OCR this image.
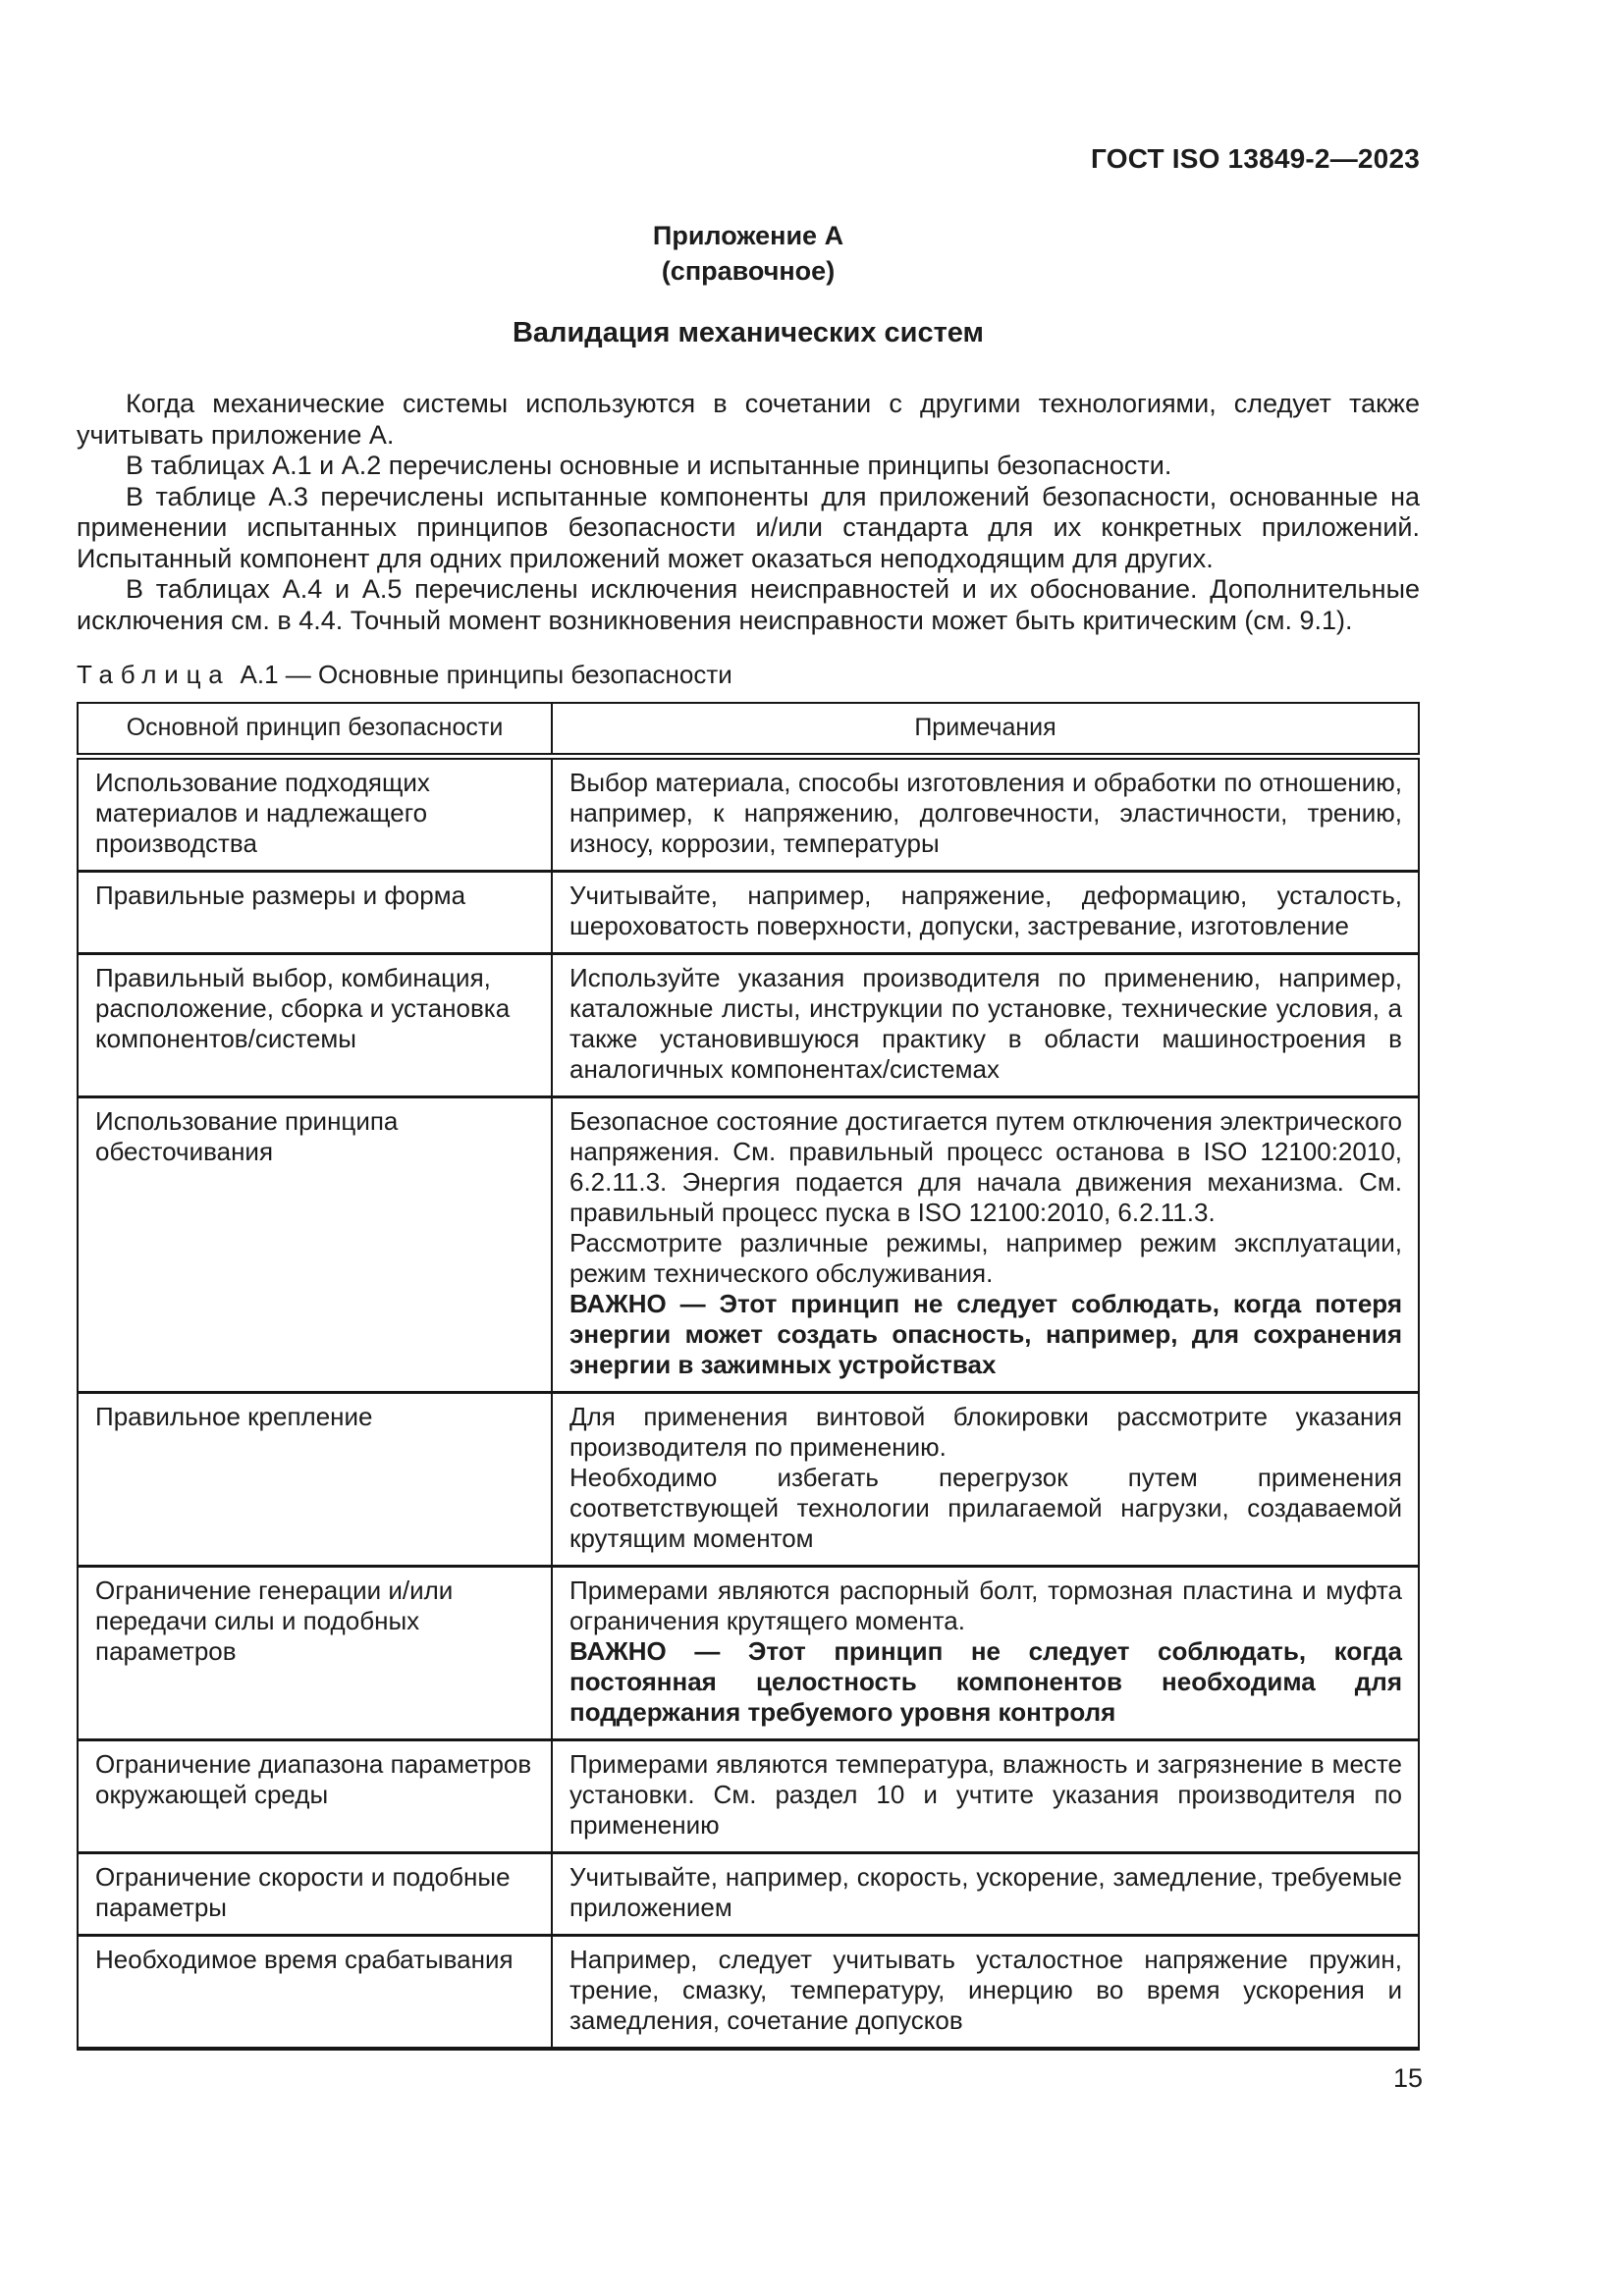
ГОСТ ISO 13849-2—2023
Приложение А
(справочное)
Валидация механических систем

Когда механические системы используются в сочетании с другими технологиями, следует также учитывать приложение А.

В таблицах А.1 и А.2 перечислены основные и испытанные принципы безопасности.

В таблице А.3 перечислены испытанные компоненты для приложений безопасности, основанные на применении испытанных принципов безопасности и/или стандарта для их конкретных приложений. Испытанный компонент для одних приложений может оказаться неподходящим для других.

В таблицах А.4 и А.5 перечислены исключения неисправностей и их обоснование. Дополнительные исключения см. в 4.4. Точный момент возникновения неисправности может быть критическим (см. 9.1).

Таблица А.1 — Основные принципы безопасности
Основной принцип безопасности	Примечания
Использование подходящих материалов и надлежащего производства	Выбор материала, способы изготовления и обработки по отношению, например, к напряжению, долговечности, эластичности, трению, износу, коррозии, температуры

Правильные размеры и форма	Учитывайте, например, напряжение, деформацию, усталость, шероховатость поверхности, допуски, застревание, изготовление

Правильный выбор, комбинация, расположение, сборка и установка компонентов/системы	Используйте указания производителя по применению, например, каталожные листы, инструкции по установке, технические условия, а также установившуюся практику в области машиностроения в аналогичных компонентах/системах

Использование принципа обесточивания	Безопасное состояние достигается путем отключения электрического напряжения. См. правильный процесс останова в ISO 12100:2010, 6.2.11.3. Энергия подается для начала движения механизма. См. правильный процесс пуска в ISO 12100:2010, 6.2.11.3.

Рассмотрите различные режимы, например режим эксплуатации, режим технического обслуживания.

ВАЖНО — Этот принцип не следует соблюдать, когда потеря энергии может создать опасность, например, для сохранения энергии в зажимных устройствах

Правильное крепление	Для применения винтовой блокировки рассмотрите указания производителя по применению.

Необходимо избегать перегрузок путем применения соответствующей технологии прилагаемой нагрузки, создаваемой крутящим моментом

Ограничение генерации и/или передачи силы и подобных параметров	Примерами являются распорный болт, тормозная пластина и муфта ограничения крутящего момента.

ВАЖНО — Этот принцип не следует соблюдать, когда постоянная целостность компонентов необходима для поддержания требуемого уровня контроля

Ограничение диапазона параметров окружающей среды	Примерами являются температура, влажность и загрязнение в месте установки. См. раздел 10 и учтите указания производителя по применению

Ограничение скорости и подобные параметры	Учитывайте, например, скорость, ускорение, замедление, требуемые приложением

Необходимое время срабатывания	Например, следует учитывать усталостное напряжение пружин, трение, смазку, температуру, инерцию во время ускорения и замедления, сочетание допусков

15
